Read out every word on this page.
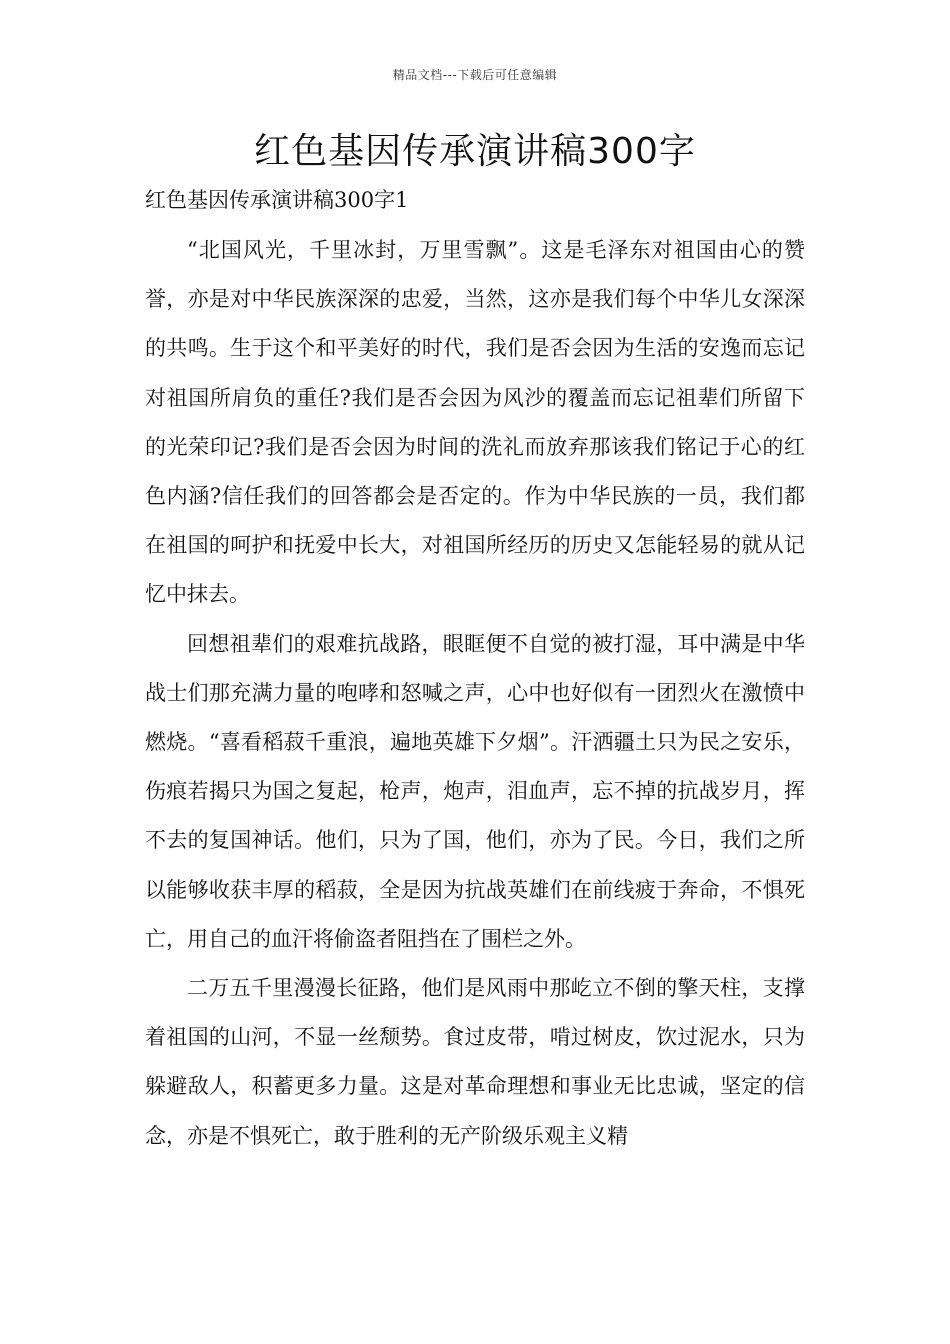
精品文档---下载后可任意编辑
红色基因传承演讲稿300字
红色基因传承演讲稿300字1

“北国风光，千里冰封，万里雪飘”。这是毛泽东对祖国由心的赞誉，亦是对中华民族深深的忠爱，当然，这亦是我们每个中华儿女深深的共鸣。生于这个和平美好的时代，我们是否会因为生活的安逸而忘记对祖国所肩负的重任?我们是否会因为风沙的覆盖而忘记祖辈们所留下的光荣印记?我们是否会因为时间的洗礼而放弃那该我们铭记于心的红色内涵?信任我们的回答都会是否定的。作为中华民族的一员，我们都在祖国的呵护和抚爱中长大，对祖国所经历的历史又怎能轻易的就从记忆中抹去。

回想祖辈们的艰难抗战路，眼眶便不自觉的被打湿，耳中满是中华战士们那充满力量的咆哮和怒喊之声，心中也好似有一团烈火在激愤中燃烧。“喜看稻菽千重浪，遍地英雄下夕烟”。汗洒疆土只为民之安乐，伤痕若揭只为国之复起，枪声，炮声，泪血声，忘不掉的抗战岁月，挥不去的复国神话。他们，只为了国，他们，亦为了民。今日，我们之所以能够收获丰厚的稻菽，全是因为抗战英雄们在前线疲于奔命，不惧死亡，用自己的血汗将偷盗者阻挡在了围栏之外。

二万五千里漫漫长征路，他们是风雨中那屹立不倒的擎天柱，支撑着祖国的山河，不显一丝颓势。食过皮带，啃过树皮，饮过泥水，只为躲避敌人，积蓄更多力量。这是对革命理想和事业无比忠诚，坚定的信念，亦是不惧死亡，敢于胜利的无产阶级乐观主义精
